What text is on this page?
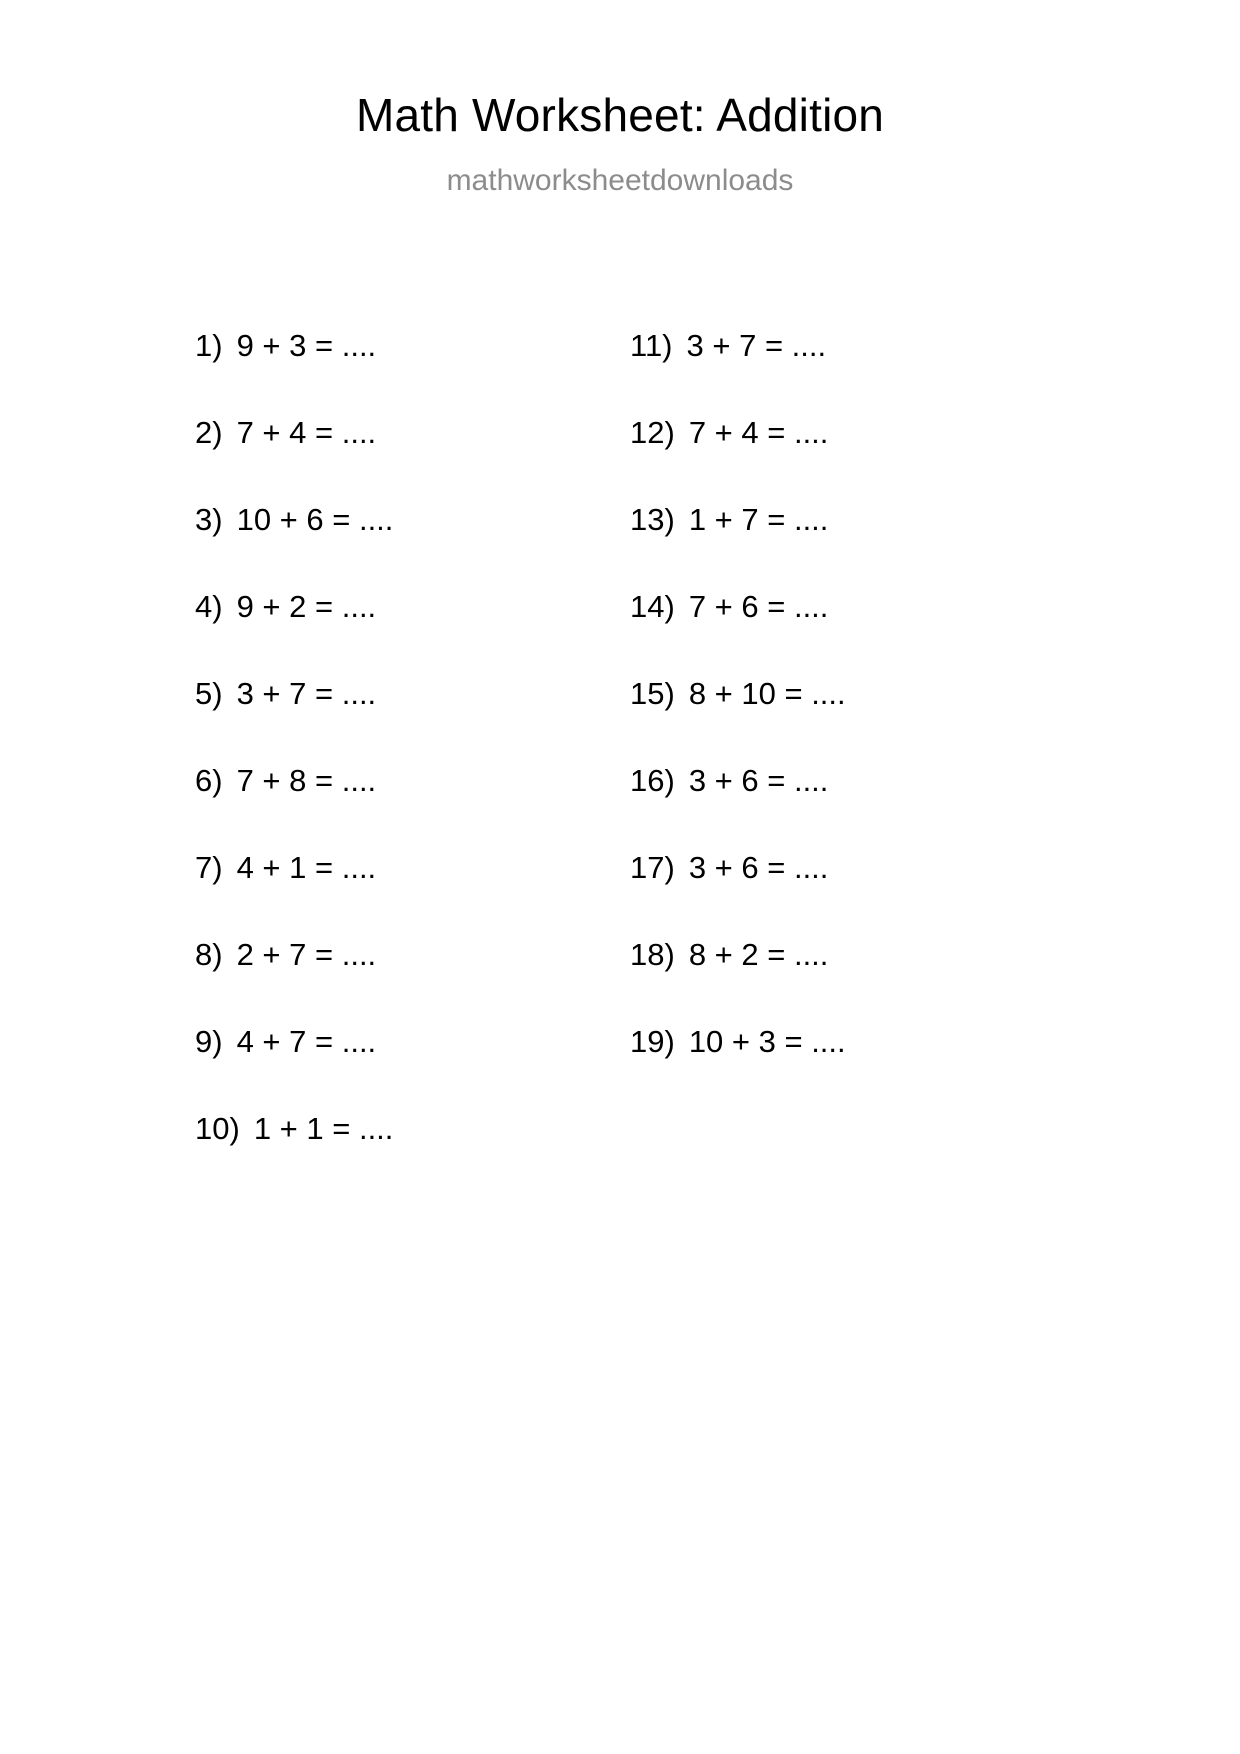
Math Worksheet: Addition
mathworksheetdownloads
1) 9 + 3 = ....
2) 7 + 4 = ....
3) 10 + 6 = ....
4) 9 + 2 = ....
5) 3 + 7 = ....
6) 7 + 8 = ....
7) 4 + 1 = ....
8) 2 + 7 = ....
9) 4 + 7 = ....
10) 1 + 1 = ....
11) 3 + 7 = ....
12) 7 + 4 = ....
13) 1 + 7 = ....
14) 7 + 6 = ....
15) 8 + 10 = ....
16) 3 + 6 = ....
17) 3 + 6 = ....
18) 8 + 2 = ....
19) 10 + 3 = ....
